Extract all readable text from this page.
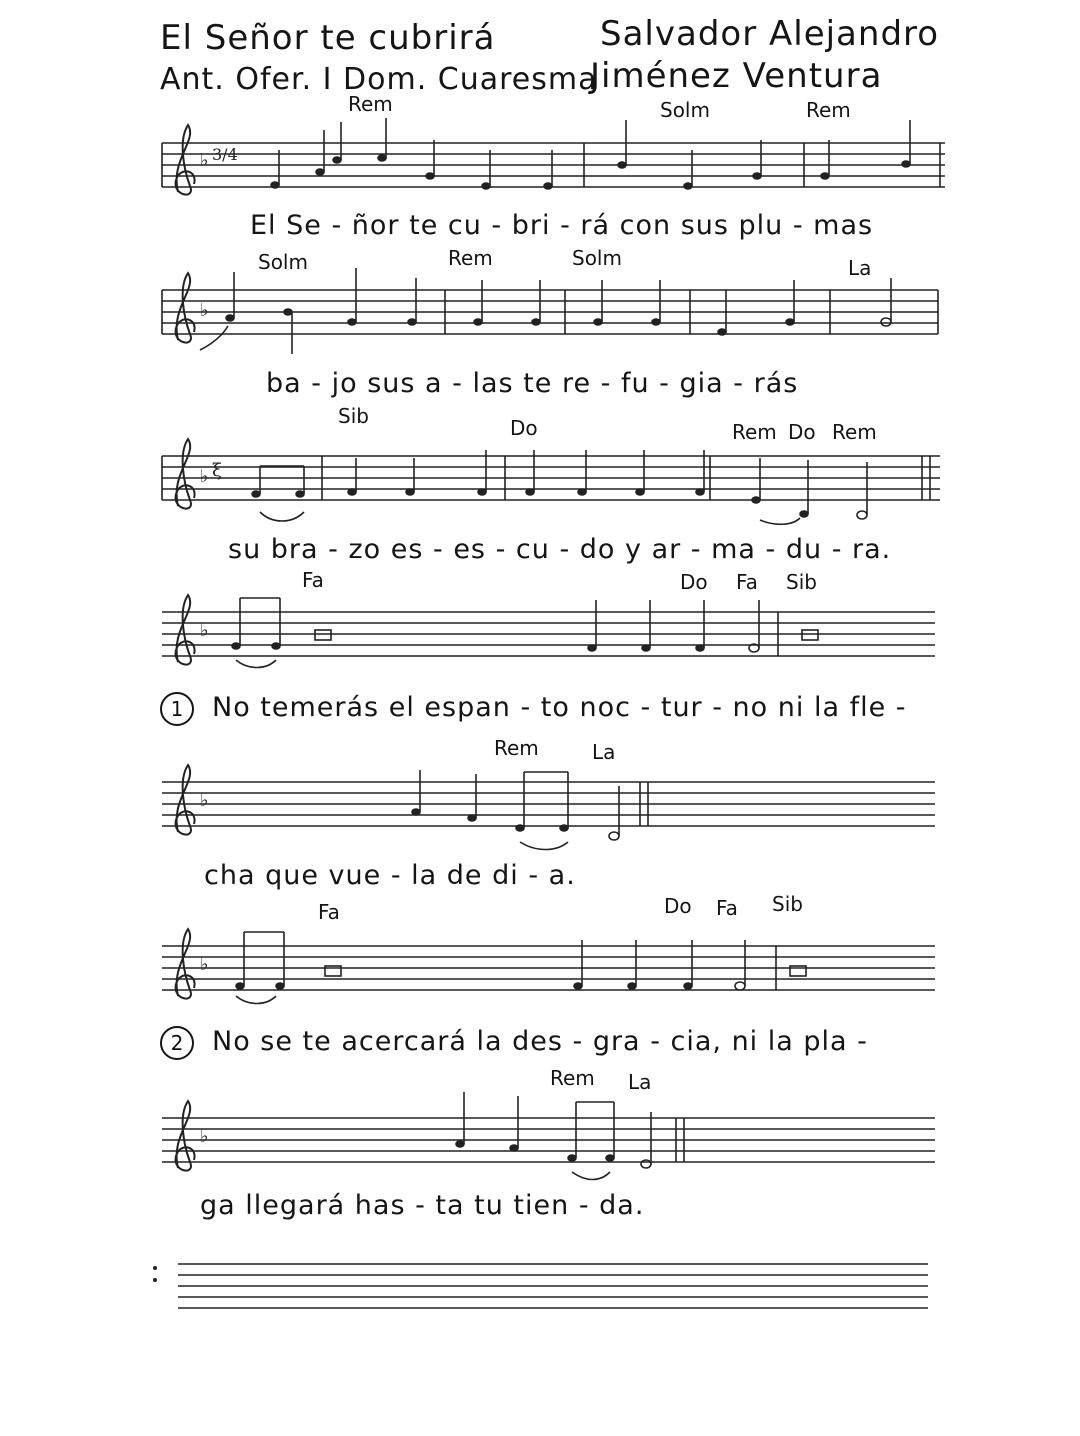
El Señor te cubrirá
Ant. Ofer. I Dom. Cuaresma
Salvador Alejandro
Jiménez Ventura
Rem	Solm	Rem
Solm	Rem	Solm	La
Sib	Do	Rem Do Rem
Fa	Do Fa Sib
Rem	La
Fa	Do Fa Sib
Rem La
El Se - ñor te cu - bri - rá con sus plu - mas
ba - jo sus a - las te re - fu - gia - rás
su bra - zo es - es - cu - do y ar - ma - du - ra.
1	No temerás el espan - to noc - tur - no ni la fle -
cha que vue - la de di - a.
2	No se te acercará la des - gra - cia, ni la pla -
ga llegará has - ta tu tien - da.
♭
♭
♭
♭
♭
♭
♭
3/4
ξ
